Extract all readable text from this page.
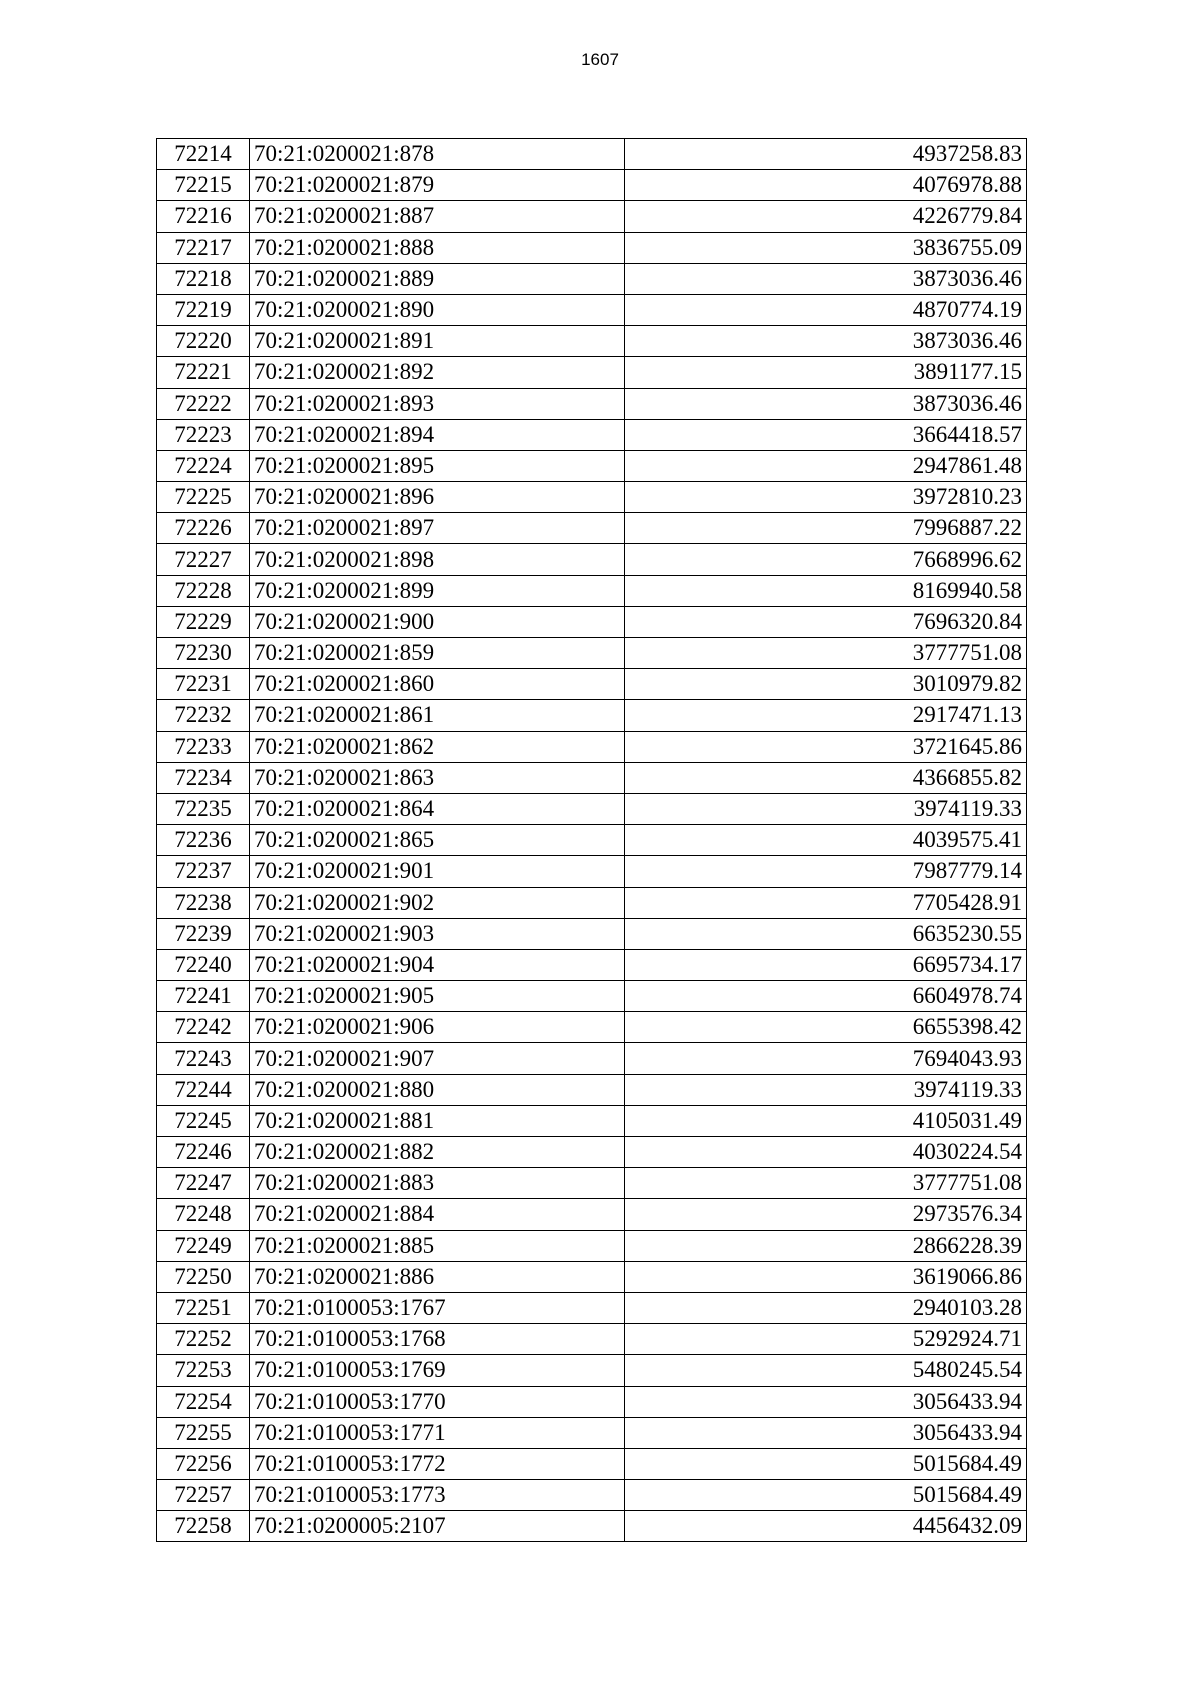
1607
72214	70:21:0200021:878	4937258.83
72215	70:21:0200021:879	4076978.88
72216	70:21:0200021:887	4226779.84
72217	70:21:0200021:888	3836755.09
72218	70:21:0200021:889	3873036.46
72219	70:21:0200021:890	4870774.19
72220	70:21:0200021:891	3873036.46
72221	70:21:0200021:892	3891177.15
72222	70:21:0200021:893	3873036.46
72223	70:21:0200021:894	3664418.57
72224	70:21:0200021:895	2947861.48
72225	70:21:0200021:896	3972810.23
72226	70:21:0200021:897	7996887.22
72227	70:21:0200021:898	7668996.62
72228	70:21:0200021:899	8169940.58
72229	70:21:0200021:900	7696320.84
72230	70:21:0200021:859	3777751.08
72231	70:21:0200021:860	3010979.82
72232	70:21:0200021:861	2917471.13
72233	70:21:0200021:862	3721645.86
72234	70:21:0200021:863	4366855.82
72235	70:21:0200021:864	3974119.33
72236	70:21:0200021:865	4039575.41
72237	70:21:0200021:901	7987779.14
72238	70:21:0200021:902	7705428.91
72239	70:21:0200021:903	6635230.55
72240	70:21:0200021:904	6695734.17
72241	70:21:0200021:905	6604978.74
72242	70:21:0200021:906	6655398.42
72243	70:21:0200021:907	7694043.93
72244	70:21:0200021:880	3974119.33
72245	70:21:0200021:881	4105031.49
72246	70:21:0200021:882	4030224.54
72247	70:21:0200021:883	3777751.08
72248	70:21:0200021:884	2973576.34
72249	70:21:0200021:885	2866228.39
72250	70:21:0200021:886	3619066.86
72251	70:21:0100053:1767	2940103.28
72252	70:21:0100053:1768	5292924.71
72253	70:21:0100053:1769	5480245.54
72254	70:21:0100053:1770	3056433.94
72255	70:21:0100053:1771	3056433.94
72256	70:21:0100053:1772	5015684.49
72257	70:21:0100053:1773	5015684.49
72258	70:21:0200005:2107	4456432.09
